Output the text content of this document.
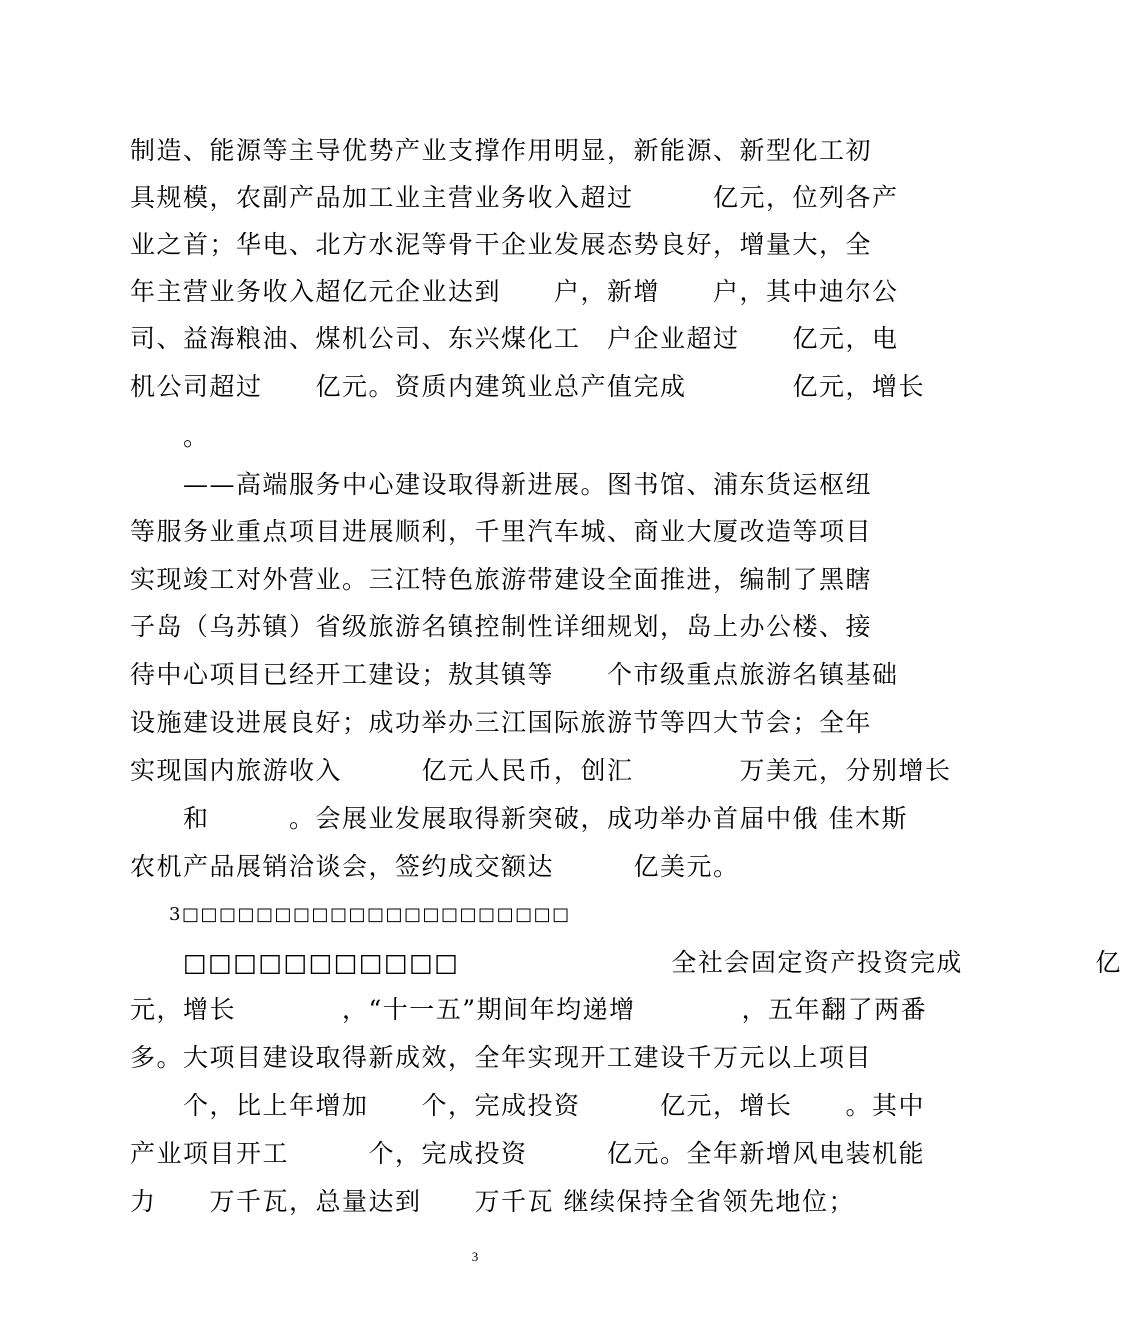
制造、能源等主导优势产业支撑作用明显，新能源、新型化工初
具规模，农副产品加工业主营业务收入超过　　　亿元，位列各产
业之首；华电、北方水泥等骨干企业发展态势良好，增量大，全
年主营业务收入超亿元企业达到　　户，新增　　户，其中迪尔公
司、益海粮油、煤机公司、东兴煤化工　户企业超过　　亿元，电
机公司超过　　亿元。资质内建筑业总产值完成　　　　亿元，增长
　　。
　　——高端服务中心建设取得新进展。图书馆、浦东货运枢纽
等服务业重点项目进展顺利，千里汽车城、商业大厦改造等项目
实现竣工对外营业。三江特色旅游带建设全面推进，编制了黑瞎
子岛（乌苏镇）省级旅游名镇控制性详细规划，岛上办公楼、接
待中心项目已经开工建设；敖其镇等　　个市级重点旅游名镇基础
设施建设进展良好；成功举办三江国际旅游节等四大节会；全年
实现国内旅游收入　　　亿元人民币，创汇　　　　万美元，分别增长
　　和　　　。会展业发展取得新突破，成功举办首届中俄 佳木斯
农机产品展销洽谈会，签约成交额达　　　亿美元。
　　3□□□□□□□□□□□□□□□□□□□□□
　　□□□□□□□□□□□　　　　　　　　全社会固定资产投资完成　　　　　亿
元，增长　　　　，“十一五”期间年均递增　　　　，五年翻了两番
多。大项目建设取得新成效，全年实现开工建设千万元以上项目
　　个，比上年增加　　个，完成投资　　　亿元，增长　　。其中
产业项目开工　　　个，完成投资　　　亿元。全年新增风电装机能
力　　万千瓦，总量达到　　万千瓦 继续保持全省领先地位；
3
